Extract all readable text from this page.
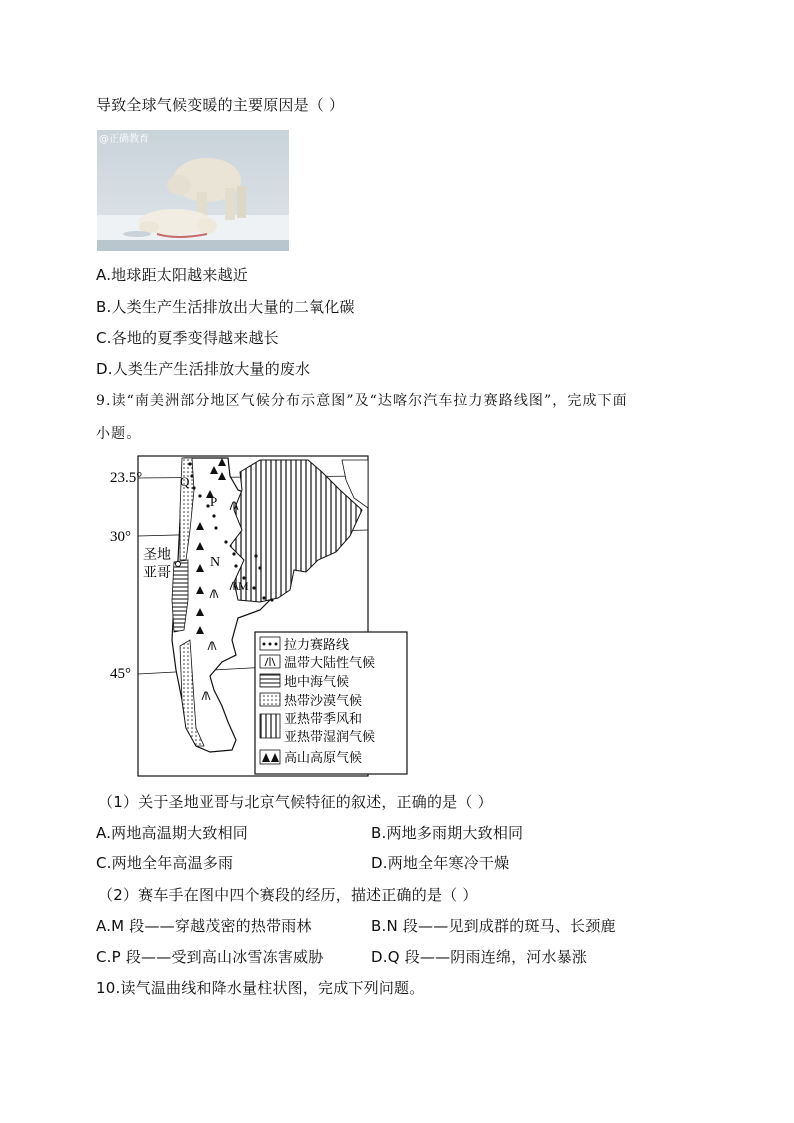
导致全球气候变暖的主要原因是（ ）
@正确教育
A.地球距太阳越来越近
B.人类生产生活排放出大量的二氧化碳
C.各地的夏季变得越来越长
D.人类生产生活排放大量的废水
9.读“南美洲部分地区气候分布示意图”及“达喀尔汽车拉力赛路线图”，完成下面
小题。
Q
P
N
M
23.5°
30°
45°
圣地
亚哥
拉力赛路线
温带大陆性气候
地中海气候
热带沙漠气候
亚热带季风和
亚热带湿润气候
高山高原气候
（1）关于圣地亚哥与北京气候特征的叙述，正确的是（ ）
A.两地高温期大致相同	B.两地多雨期大致相同
C.两地全年高温多雨	D.两地全年寒冷干燥
（2）赛车手在图中四个赛段的经历，描述正确的是（ ）
A.M 段——穿越茂密的热带雨林	B.N 段——见到成群的斑马、长颈鹿
C.P 段——受到高山冰雪冻害威胁	D.Q 段——阴雨连绵，河水暴涨
10.读气温曲线和降水量柱状图，完成下列问题。
